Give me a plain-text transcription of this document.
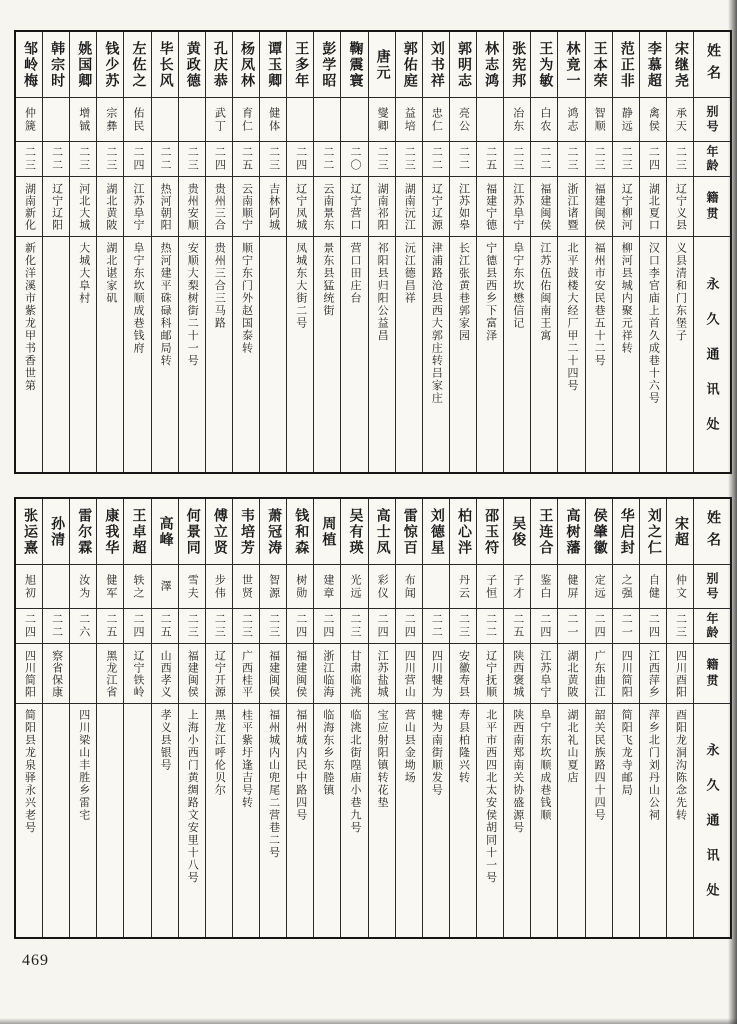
姓名
别号
年龄
籍贯
永久通讯处
宋继尧
承天
二三
辽宁义县
义县清和门东堡子
李慕超
禽侯
二四
湖北夏口
汉口李官庙上首久成巷十六号
范正非
静远
二三
辽宁柳河
柳河县城内聚元祥转
王本荣
智顺
二三
福建闽侯
福州市安民巷五十二号
林竟一
鸿志
二三
浙江诸暨
北平鼓楼大经厂甲二十四号
王为敏
白农
二二
福建闽侯
江苏伍佑闽南王寓
张宪邦
冶东
二三
江苏阜宁
阜宁东坎懋信记
林志鸿
二五
福建宁德
宁德县西乡下富泽
郭明志
亮公
二二
江苏如皋
长江张黄巷郭家园
刘书祥
忠仁
二二
辽宁辽源
津浦路沧县西大郭庄转吕家庄
郭佑庭
益培
二三
湖南沅江
沅江德昌祥
唐元
燮卿
二三
湖南祁阳
祁阳县归阳公益昌
鞠震寰
二〇
辽宁营口
营口田庄台
彭学昭
二二
云南景东
景东县猛统街
王多年
二四
辽宁凤城
凤城东大街二号
谭玉卿
健体
二三
吉林阿城
杨凤林
育仁
二五
云南顺宁
顺宁东门外赵国泰转
孔庆恭
武丁
二四
贵州三合
贵州三合三马路
黄政德
二三
贵州安顺
安顺大梨树街二十一号
毕长风
二二
热河朝阳
热河建平硃碌科邮局转
左佐之
佑民
二四
江苏阜宁
阜宁东坎顺成巷钱府
钱少苏
宗彝
二三
湖北黄陂
湖北谌家矶
姚国卿
增铖
二三
河北大城
大城大阜村
韩宗时
二二
辽宁辽阳
邹岭梅
仲篪
二三
湖南新化
新化洋溪市紫龙甲书香世第
姓名
别号
年龄
籍贯
永久通讯处
宋超
仲文
二三
四川酉阳
酉阳龙洞沟陈念先转
刘之仁
自健
二四
江西萍乡
萍乡北门刘丹山公祠
华启封
之强
二一
四川简阳
简阳飞龙寺邮局
侯肇徽
定远
二四
广东曲江
韶关民族路四十四号
高树藩
健屏
二一
湖北黄陂
湖北礼山夏店
王连合
鉴白
二四
江苏阜宁
阜宁东坎顺成巷钱顺
吴俊
子才
二五
陕西褒城
陕西南郑南关协盛源号
邵玉符
子恒
二二
辽宁抚顺
北平市西四北太安侯胡同十一号
柏心泮
丹云
二三
安徽寿县
寿县柏隆兴转
刘德星
二二
四川犍为
犍为南街顺发号
雷惊百
布闻
二四
四川营山
营山县金坳场
高士凤
彩仪
二四
江苏盐城
宝应射阳镇转花垫
吴有瑛
光远
二三
甘肃临洮
临洮北街隍庙小巷九号
周植
建章
二四
浙江临海
临海东乡东塍镇
钱和森
树勋
二四
福建闽侯
福州城内民中路四号
萧冠涛
智源
二三
福建闽侯
福州城内山兜尾二营巷二号
韦培芳
世贤
二三
广西桂平
桂平紫圩逢吉号转
傅立贤
步伟
二三
辽宁开源
黑龙江呼伦贝尔
何景同
雪夫
二三
福建闽侯
上海小西门黄绸路文安里十八号
高峰
澤
二五
山西孝义
孝义县银号
王卓超
轶之
二四
辽宁铁岭
康我华
健军
二五
黑龙江省
雷尔霖
汝为
二六
四川梁山丰胜乡雷宅
孙清
二二
察省保康
张运熹
旭初
二四
四川简阳
简阳县龙泉驿永兴老号
469
